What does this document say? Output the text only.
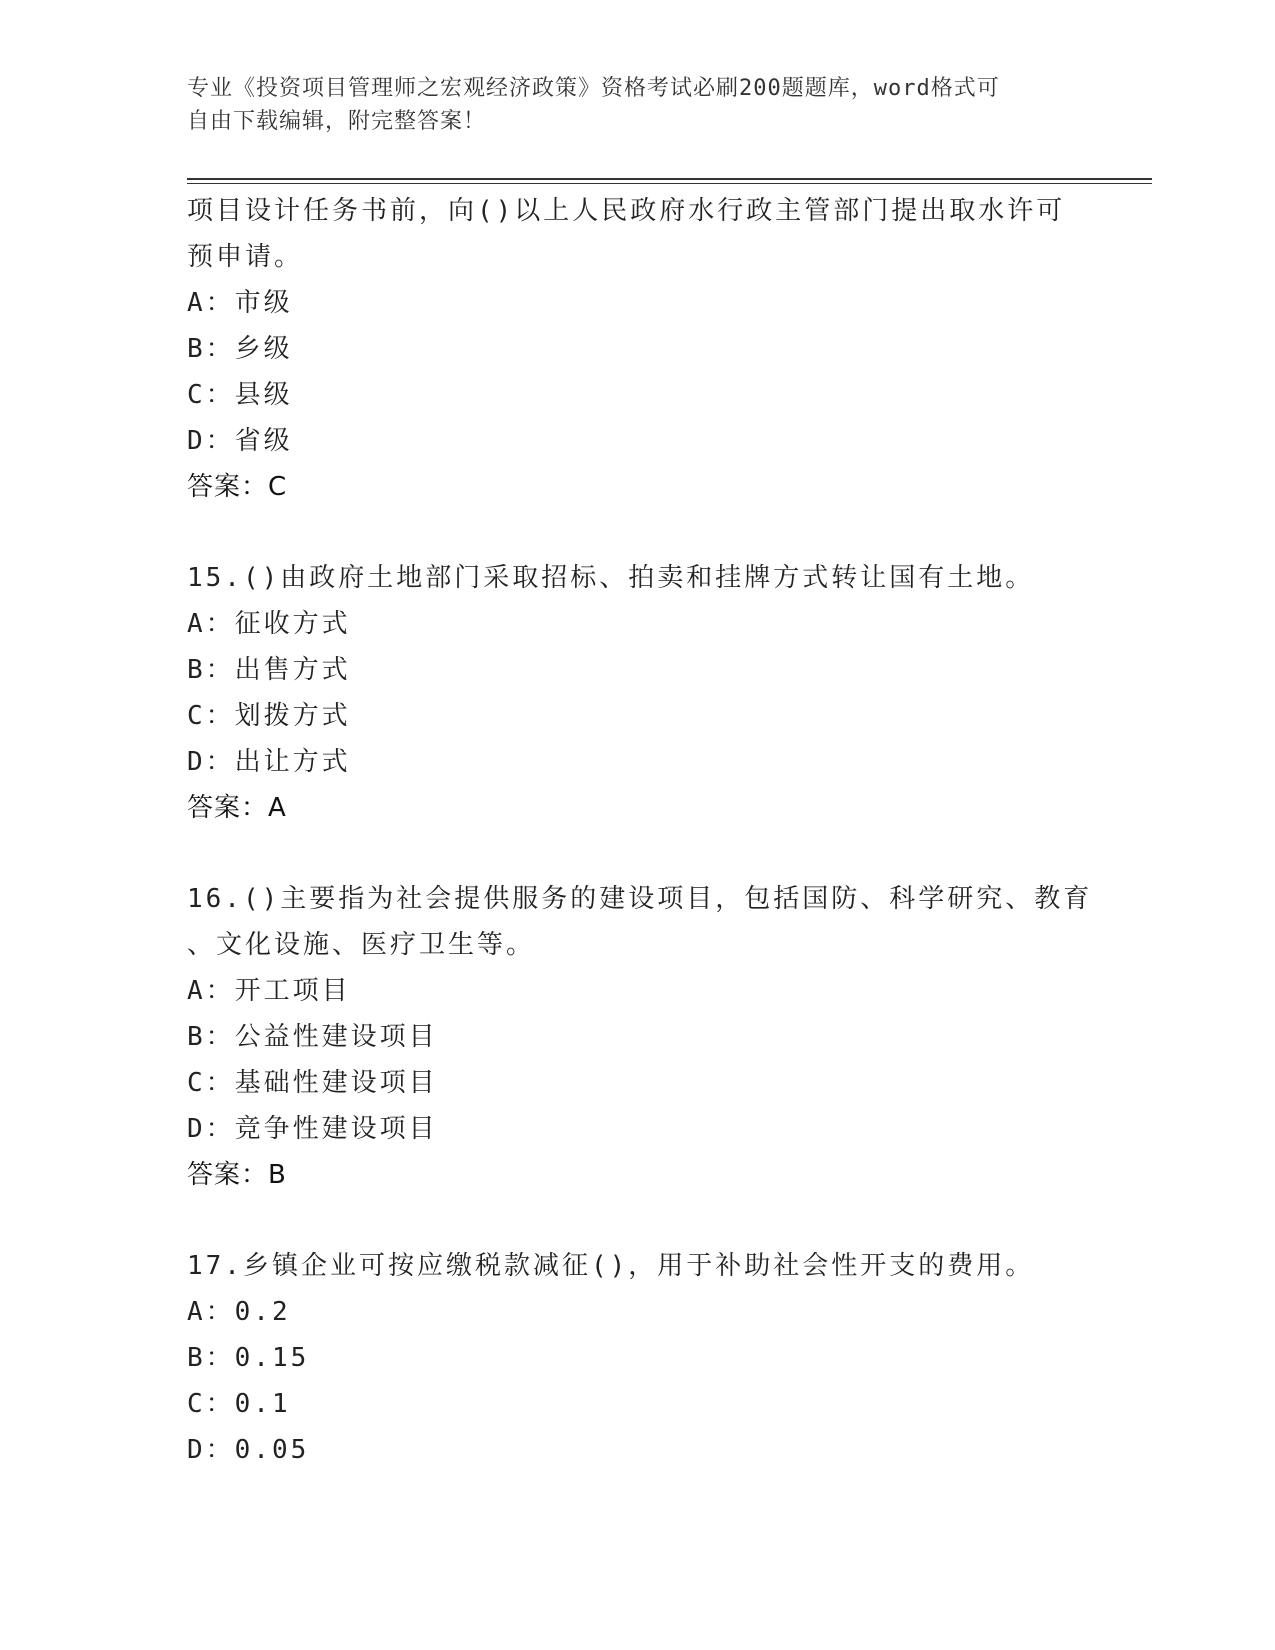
专业《投资项目管理师之宏观经济政策》资格考试必刷200题题库，word格式可
自由下载编辑，附完整答案！
项目设计任务书前，向()以上人民政府水行政主管部门提出取水许可
预申请。
A：市级
B：乡级
C：县级
D：省级
答案：C
15.()由政府土地部门采取招标、拍卖和挂牌方式转让国有土地。
A：征收方式
B：出售方式
C：划拨方式
D：出让方式
答案：A
16.()主要指为社会提供服务的建设项目，包括国防、科学研究、教育
、文化设施、医疗卫生等。
A：开工项目
B：公益性建设项目
C：基础性建设项目
D：竞争性建设项目
答案：B
17.乡镇企业可按应缴税款减征()，用于补助社会性开支的费用。
A：0.2
B：0.15
C：0.1
D：0.05
